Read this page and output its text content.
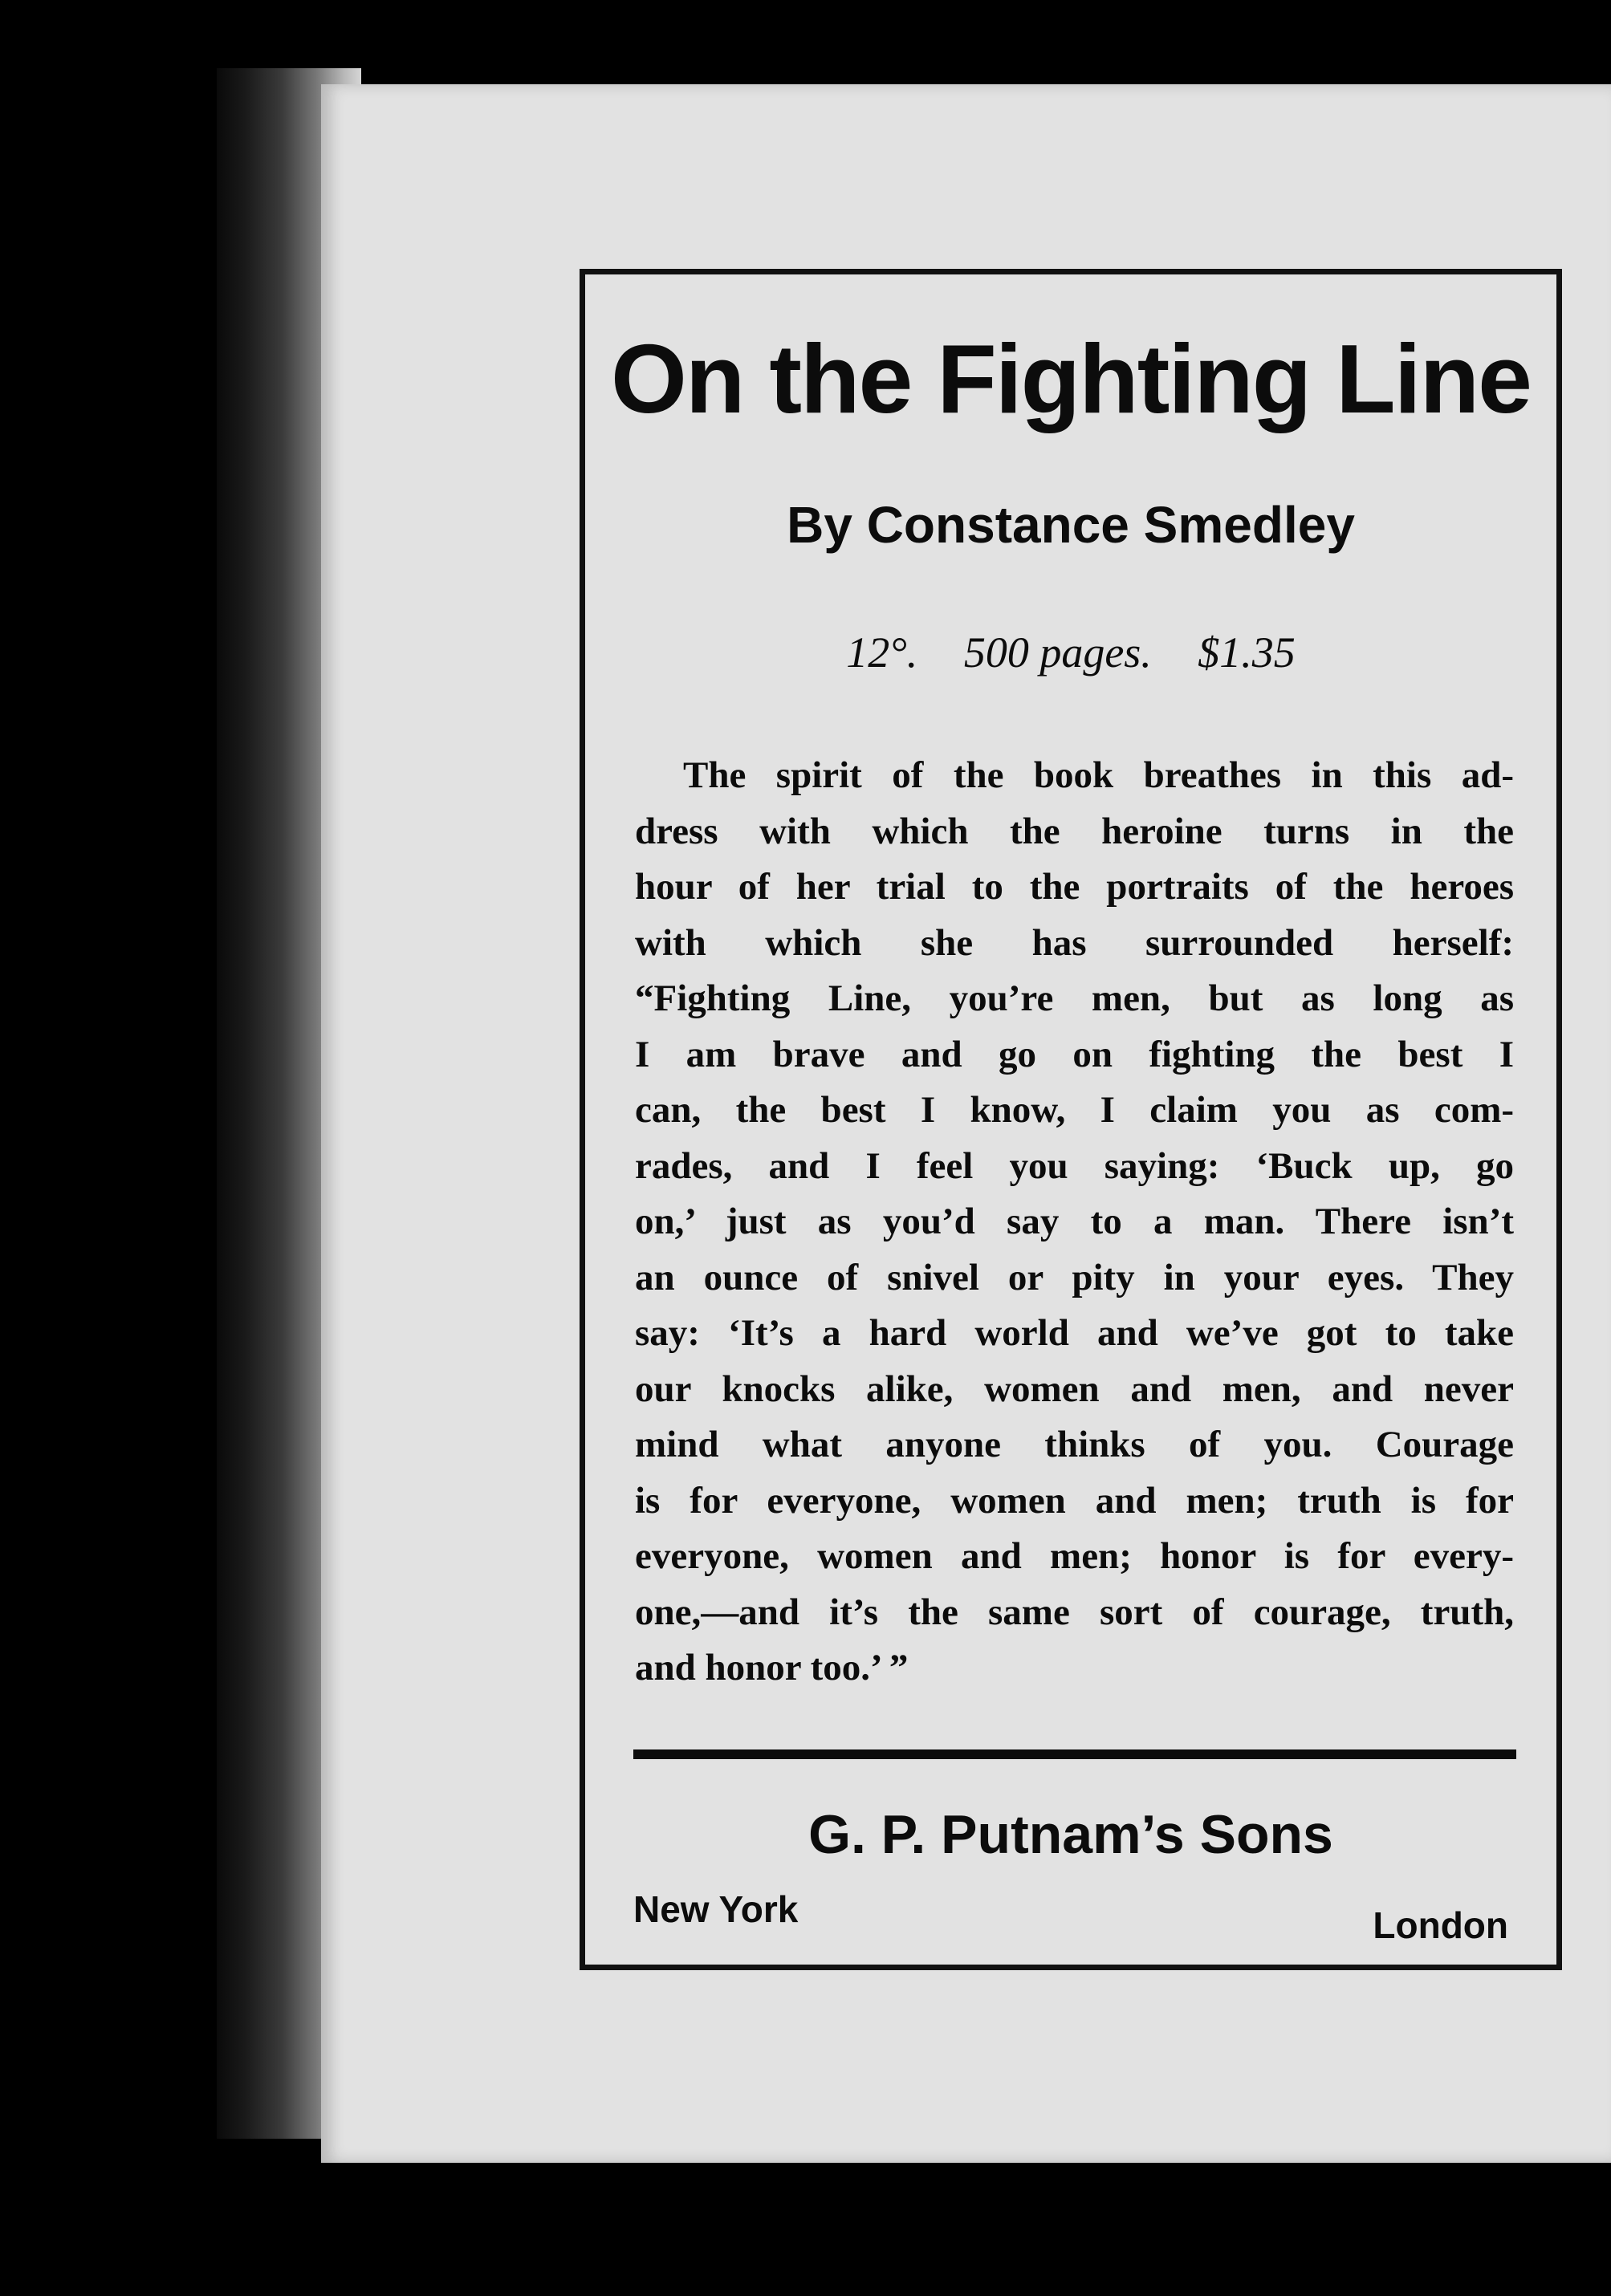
On the Fighting Line
By Constance Smedley
12°. 500 pages. $1.35
The spirit of the book breathes in this ad-
dress with which the heroine turns in the
hour of her trial to the portraits of the heroes
with which she has surrounded herself:
“Fighting Line, you’re men, but as long as
I am brave and go on fighting the best I
can, the best I know, I claim you as com-
rades, and I feel you saying: ‘Buck up, go
on,’ just as you’d say to a man. There isn’t
an ounce of snivel or pity in your eyes. They
say: ‘It’s a hard world and we’ve got to take
our knocks alike, women and men, and never
mind what anyone thinks of you. Courage
is for everyone, women and men; truth is for
everyone, women and men; honor is for every-
one,—and it’s the same sort of courage, truth,
and honor too.’ ”
G. P. Putnam’s Sons
New York	London
